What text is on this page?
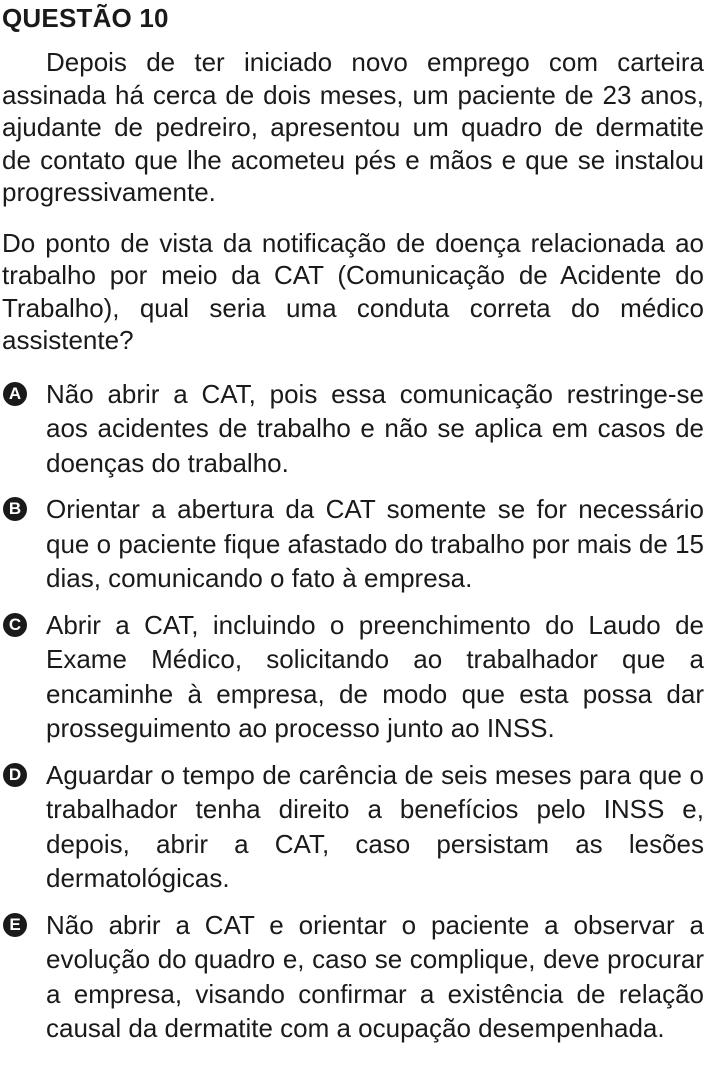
QUESTÃO 10

Depois de ter iniciado novo emprego com carteira assinada há cerca de dois meses, um paciente de 23 anos, ajudante de pedreiro, apresentou um quadro de dermatite de contato que lhe acometeu pés e mãos e que se instalou progressivamente.

Do ponto de vista da notificação de doença relacionada ao trabalho por meio da CAT (Comunicação de Acidente do Trabalho), qual seria uma conduta correta do médico assistente?

A Não abrir a CAT, pois essa comunicação restringe-se aos acidentes de trabalho e não se aplica em casos de doenças do trabalho.
B Orientar a abertura da CAT somente se for necessário que o paciente fique afastado do trabalho por mais de 15 dias, comunicando o fato à empresa.
C Abrir a CAT, incluindo o preenchimento do Laudo de Exame Médico, solicitando ao trabalhador que a encaminhe à empresa, de modo que esta possa dar prosseguimento ao processo junto ao INSS.
D Aguardar o tempo de carência de seis meses para que o trabalhador tenha direito a benefícios pelo INSS e, depois, abrir a CAT, caso persistam as lesões dermatológicas.
E Não abrir a CAT e orientar o paciente a observar a evolução do quadro e, caso se complique, deve procurar a empresa, visando confirmar a existência de relação causal da dermatite com a ocupação desempenhada.
